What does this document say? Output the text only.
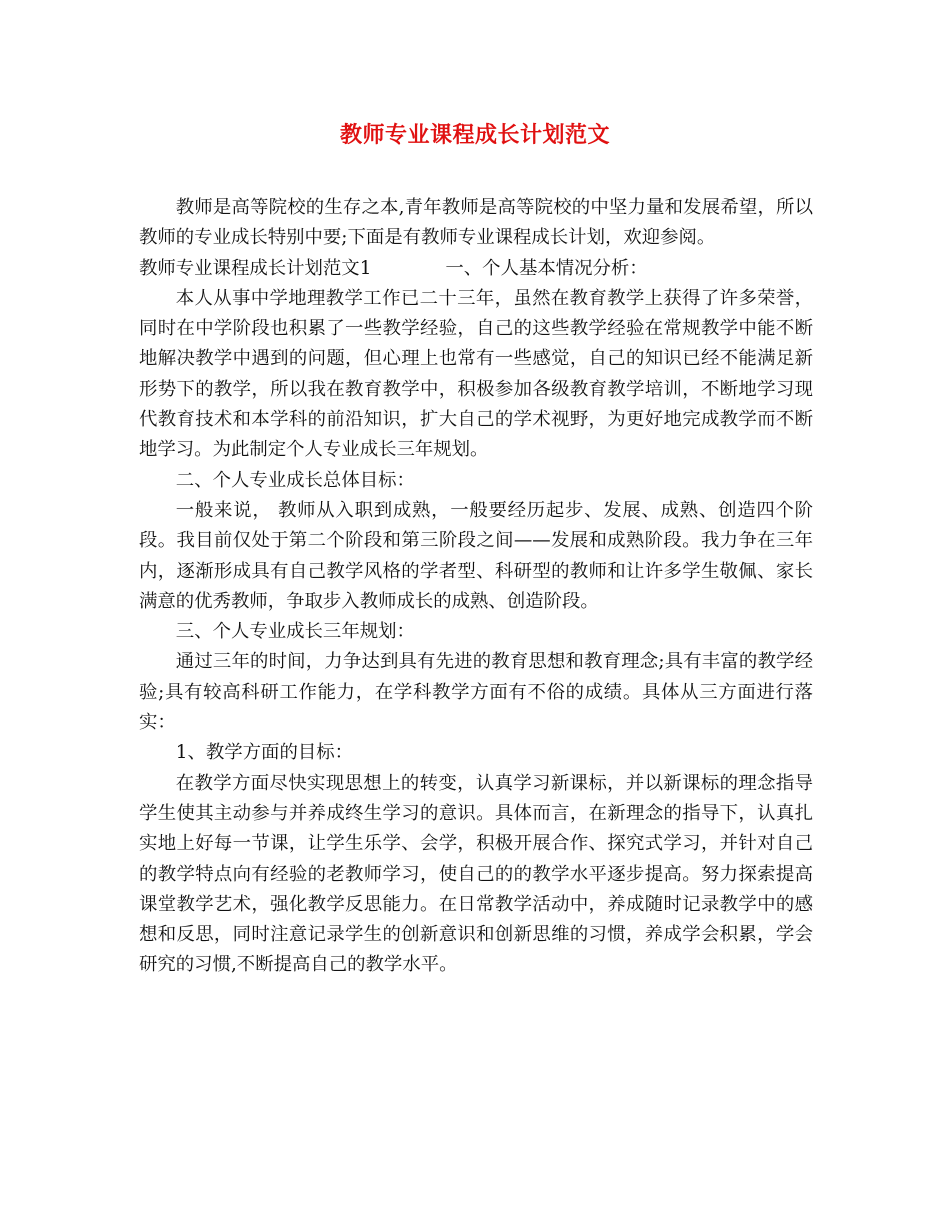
教师专业课程成长计划范文

教师是高等院校的生存之本,青年教师是高等院校的中坚力量和发展希望，所以教师的专业成长特别中要;下面是有教师专业课程成长计划，欢迎参阅。

教师专业课程成长计划范文1	一、个人基本情况分析：

本人从事中学地理教学工作已二十三年，虽然在教育教学上获得了许多荣誉，同时在中学阶段也积累了一些教学经验，自己的这些教学经验在常规教学中能不断地解决教学中遇到的问题，但心理上也常有一些感觉，自己的知识已经不能满足新形势下的教学，所以我在教育教学中，积极参加各级教育教学培训，不断地学习现代教育技术和本学科的前沿知识，扩大自己的学术视野，为更好地完成教学而不断地学习。为此制定个人专业成长三年规划。

二、个人专业成长总体目标：

一般来说， 教师从入职到成熟，一般要经历起步、发展、成熟、创造四个阶段。我目前仅处于第二个阶段和第三阶段之间——发展和成熟阶段。我力争在三年内，逐渐形成具有自己教学风格的学者型、科研型的教师和让许多学生敬佩、家长满意的优秀教师，争取步入教师成长的成熟、创造阶段。

三、个人专业成长三年规划：

通过三年的时间，力争达到具有先进的教育思想和教育理念;具有丰富的教学经验;具有较高科研工作能力，在学科教学方面有不俗的成绩。具体从三方面进行落实：

1、教学方面的目标：

在教学方面尽快实现思想上的转变，认真学习新课标，并以新课标的理念指导学生使其主动参与并养成终生学习的意识。具体而言，在新理念的指导下，认真扎实地上好每一节课，让学生乐学、会学，积极开展合作、探究式学习，并针对自己的教学特点向有经验的老教师学习，使自己的的教学水平逐步提高。努力探索提高课堂教学艺术，强化教学反思能力。在日常教学活动中，养成随时记录教学中的感想和反思，同时注意记录学生的创新意识和创新思维的习惯，养成学会积累，学会研究的习惯,不断提高自己的教学水平。
